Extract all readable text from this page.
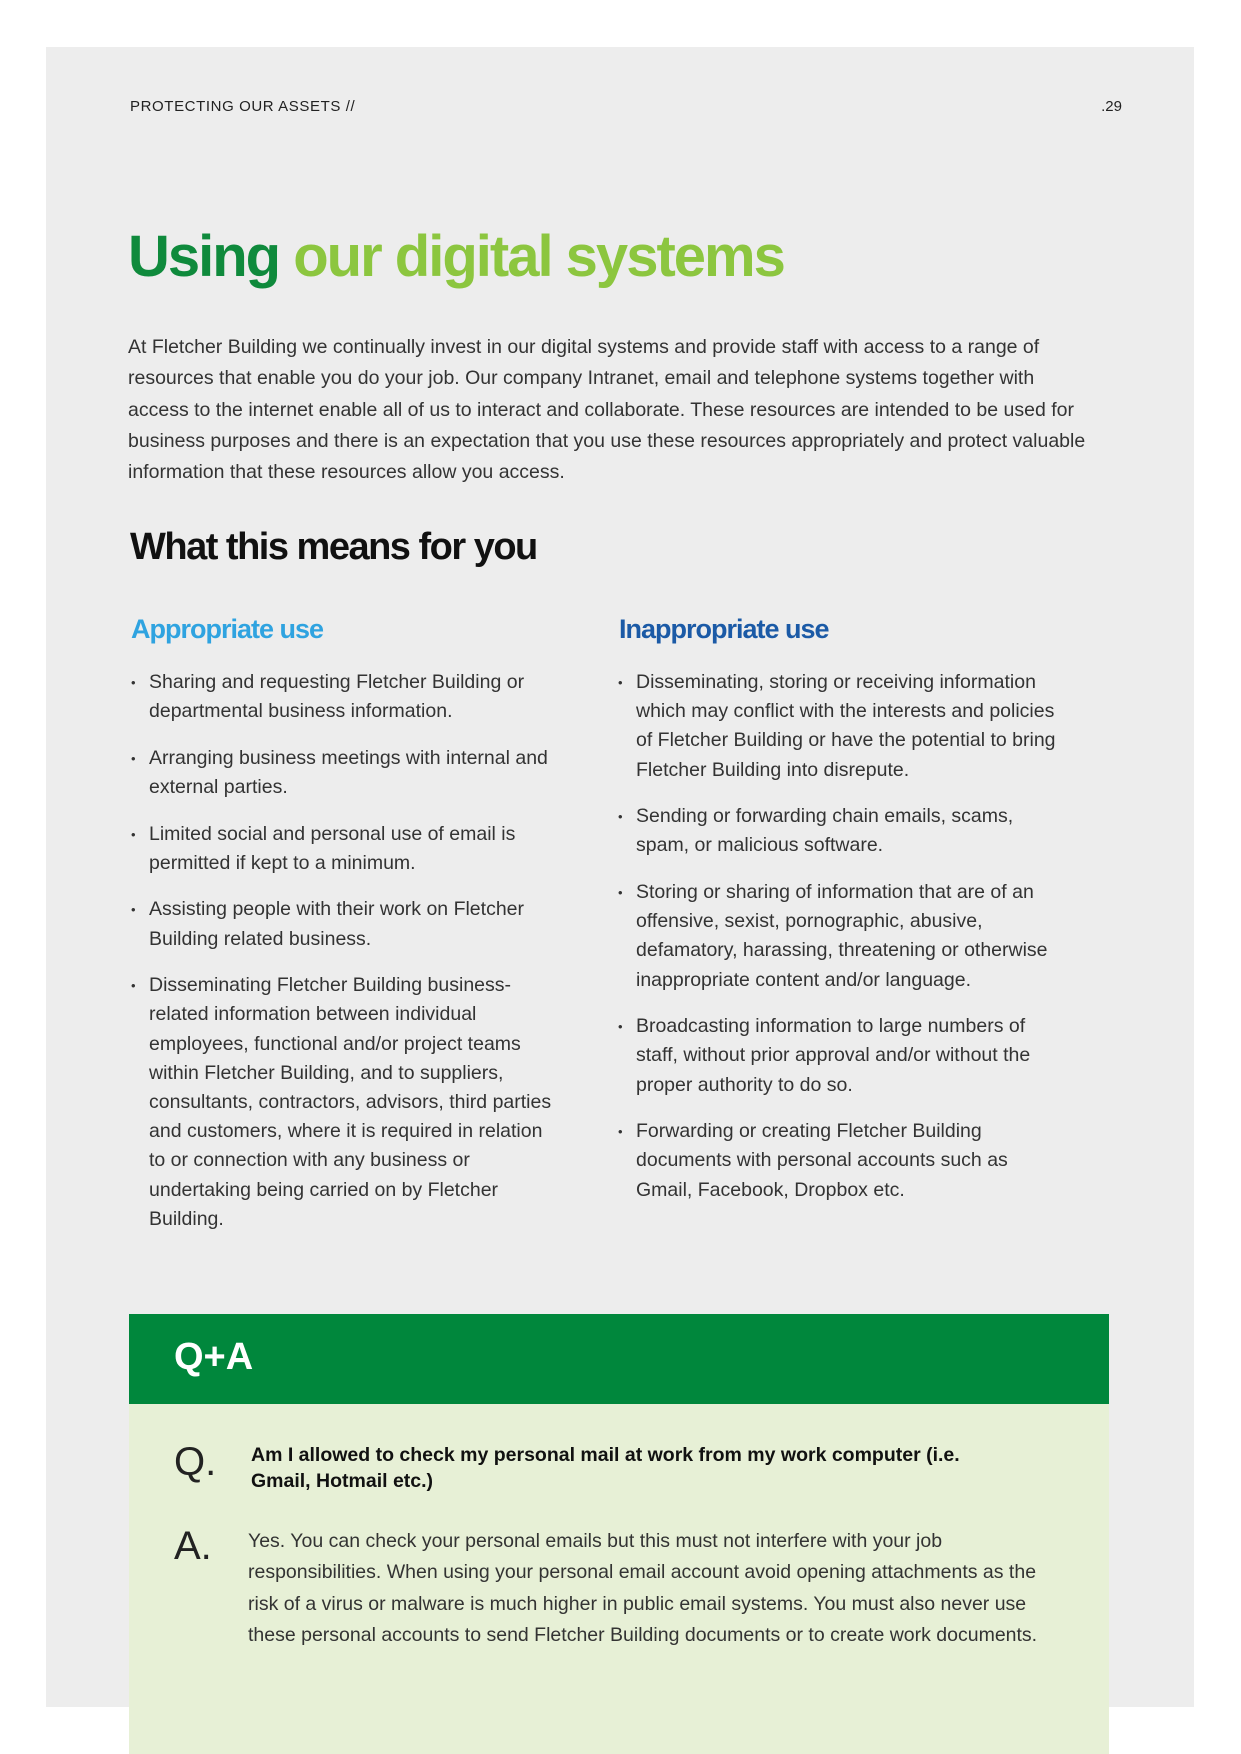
PROTECTING OUR ASSETS //	.29
Using our digital systems

At Fletcher Building we continually invest in our digital systems and provide staff with access to a range of resources that enable you do your job. Our company Intranet, email and telephone systems together with access to the internet enable all of us to interact and collaborate. These resources are intended to be used for business purposes and there is an expectation that you use these resources appropriately and protect valuable information that these resources allow you access.

What this means for you
Appropriate use
• Sharing and requesting Fletcher Building or departmental business information.
• Arranging business meetings with internal and external parties.
• Limited social and personal use of email is permitted if kept to a minimum.
• Assisting people with their work on Fletcher Building related business.
• Disseminating Fletcher Building business-related information between individual employees, functional and/or project teams within Fletcher Building, and to suppliers, consultants, contractors, advisors, third parties and customers, where it is required in relation to or connection with any business or undertaking being carried on by Fletcher Building.
Inappropriate use
• Disseminating, storing or receiving information which may conflict with the interests and policies of Fletcher Building or have the potential to bring Fletcher Building into disrepute.
• Sending or forwarding chain emails, scams, spam, or malicious software.
• Storing or sharing of information that are of an offensive, sexist, pornographic, abusive, defamatory, harassing, threatening or otherwise inappropriate content and/or language.
• Broadcasting information to large numbers of staff, without prior approval and/or without the proper authority to do so.
• Forwarding or creating Fletcher Building documents with personal accounts such as Gmail, Facebook, Dropbox etc.
Q+A
Q. Am I allowed to check my personal mail at work from my work computer (i.e. Gmail, Hotmail etc.)
A. Yes. You can check your personal emails but this must not interfere with your job responsibilities. When using your personal email account avoid opening attachments as the risk of a virus or malware is much higher in public email systems. You must also never use these personal accounts to send Fletcher Building documents or to create work documents.
